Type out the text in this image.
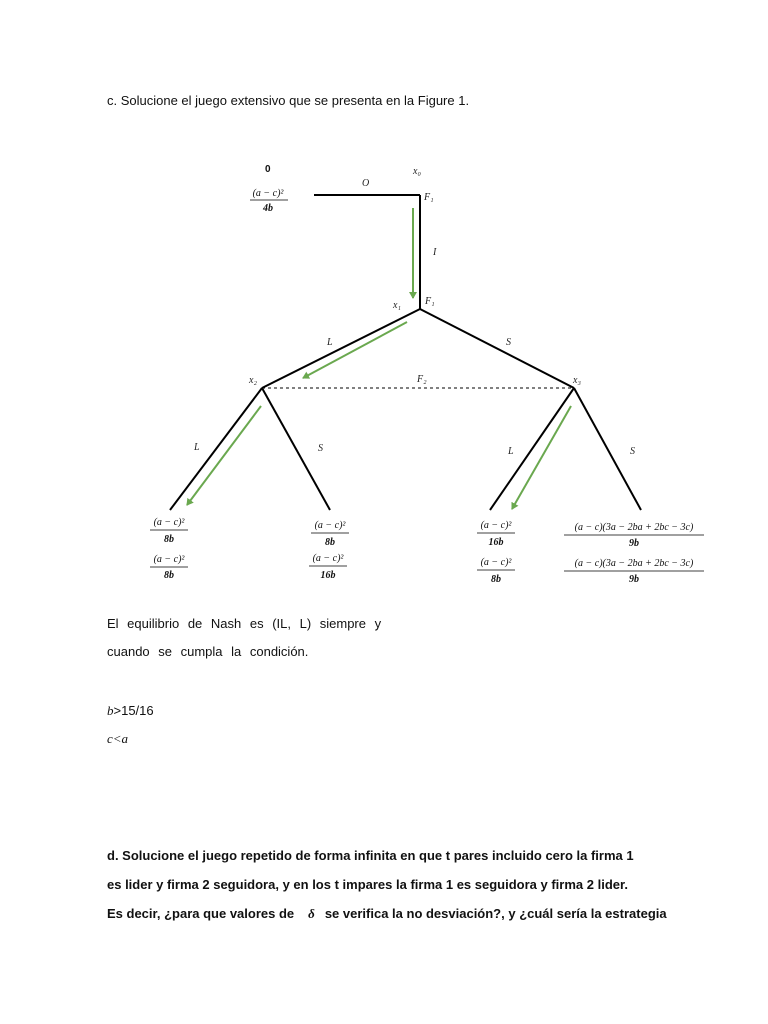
c. Solucione el juego extensivo que se presenta en la Figure 1.
x₀
F₁
x₁ F₁
x₂	x₃
F₂
O
I
L	S
L	S	L	S
0
(a − c)²
4b
(a − c)²
8b
(a − c)²
8b
(a − c)²
8b
(a − c)²
16b
(a − c)²
16b
(a − c)²
8b
(a − c)(3a − 2ba + 2bc − 3c)
9b
(a − c)(3a − 2ba + 2bc − 3c)
9b
El equilibrio de Nash es (IL, L) siempre y
cuando se cumpla la condición.
b>15/16
c<a
d. Solucione el juego repetido de forma infinita en que t pares incluido cero la firma 1
es lider y firma 2 seguidora, y en los t impares la firma 1 es seguidora y firma 2 lider.
Es decir, ¿para que valores de δ se verifica la no desviación?, y ¿cuál sería la estrategia
